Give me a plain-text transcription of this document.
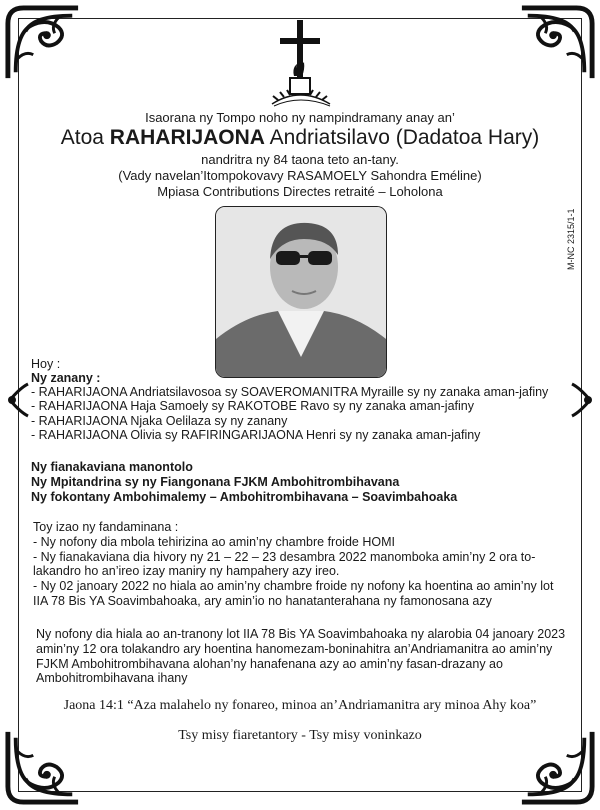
Isaorana ny Tompo noho ny nampindramany anay an’
Atoa RAHARIJAONA Andriatsilavo (Dadatoa Hary)
nandritra ny 84 taona teto an-tany.
(Vady navelan’Itompokovavy RASAMOELY Sahondra Eméline)
Mpiasa Contributions Directes retraité – Loholona
M-NC 2315/1-1
Hoy :
Ny zanany :
- RAHARIJAONA Andriatsilavosoa sy SOAVEROMANITRA Myraille sy ny zanaka aman-jafiny
- RAHARIJAONA Haja Samoely sy RAKOTOBE Ravo sy ny zanaka aman-jafiny
- RAHARIJAONA Njaka Oelilaza sy ny zanany
- RAHARIJAONA Olivia sy RAFIRINGARIJAONA Henri sy ny zanaka aman-jafiny
Ny fianakaviana manontolo
Ny Mpitandrina sy ny Fiangonana FJKM Ambohitrombihavana
Ny fokontany Ambohimalemy – Ambohitrombihavana – Soavimbahoaka

Toy izao ny fandaminana :

- Ny nofony dia mbola tehirizina ao amin’ny chambre froide HOMI

- Ny fianakaviana dia hivory ny 21 – 22 – 23 desambra 2022 manomboka amin’ny 2 ora to-lakandro ho an’ireo izay maniry ny hampahery azy ireo.

- Ny 02 janoary 2022 no hiala ao amin’ny chambre froide ny nofony ka hoentina ao amin’ny lot IIA 78 Bis YA Soavimbahoaka, ary amin’io no hanatanterahana ny famonosana azy

Ny nofony dia hiala ao an-tranony lot IIA 78 Bis YA Soavimbahoaka ny alarobia 04 janoary 2023 amin’ny 12 ora tolakandro ary hoentina hanomezam-boninahitra an’Andriamanitra ao amin’ny FJKM Ambohitrombihavana alohan’ny hanafenana azy ao amin’ny fasan-drazany ao Ambohitrombihavana ihany

Jaona 14:1 “Aza malahelo ny fonareo, minoa an’Andriamanitra ary minoa Ahy koa”
Tsy misy fiaretantory - Tsy misy voninkazo
